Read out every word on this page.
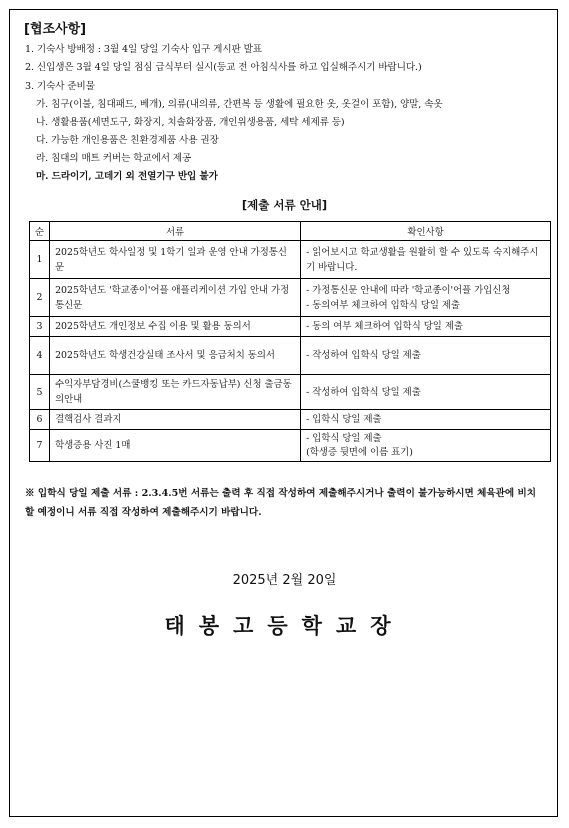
[협조사항]
1. 기숙사 방배정 : 3월 4일 당일 기숙사 입구 게시판 발표
2. 신입생은 3월 4일 당일 점심 급식부터 실시(등교 전 아침식사를 하고 입실해주시기 바랍니다.)
3. 기숙사 준비물
가. 침구(이불, 침대패드, 베개), 의류(내의류, 간편복 등 생활에 필요한 옷, 옷걸이 포함), 양말, 속옷
나. 생활용품(세면도구, 화장지, 치솔화장품, 개인위생용품, 세탁 세제류 등)
다. 가능한 개인용품은 친환경제품 사용 권장
라. 침대의 매트 커버는 학교에서 제공
마. 드라이기, 고데기 외 전열기구 반입 불가
[제출 서류 안내]
순	서류	확인사항
1	2025학년도 학사일정 및 1학기 일과 운영 안내 가정통신문	- 읽어보시고 학교생활을 원활히 할 수 있도록 숙지해주시기 바랍니다.
2	2025학년도 '학교종이'어플 애플리케이션 가입 안내 가정통신문	- 가정통신문 안내에 따라 '학교종이'어플 가입신청
- 동의여부 체크하여 입학식 당일 제출
3	2025학년도 개인정보 수집 이용 및 활용 동의서	- 동의 여부 체크하여 입학식 당일 제출
4	2025학년도 학생건강실태 조사서 및 응급처치 동의서	- 작성하여 입학식 당일 제출
5	수익자부담경비(스쿨뱅킹 또는 카드자동납부) 신청 출금동의안내	- 작성하여 입학식 당일 제출
6	결핵검사 결과지	- 입학식 당일 제출
7	학생증용 사진 1매	- 입학식 당일 제출
(학생증 뒷면에 이름 표기)
※ 입학식 당일 제출 서류 : 2.3.4.5번 서류는 출력 후 직접 작성하여 제출해주시거나 출력이 불가능하시면 체육관에 비치할 예정이니 서류 직접 작성하여 제출해주시기 바랍니다.
2025년 2월 20일
태봉고등학교장
